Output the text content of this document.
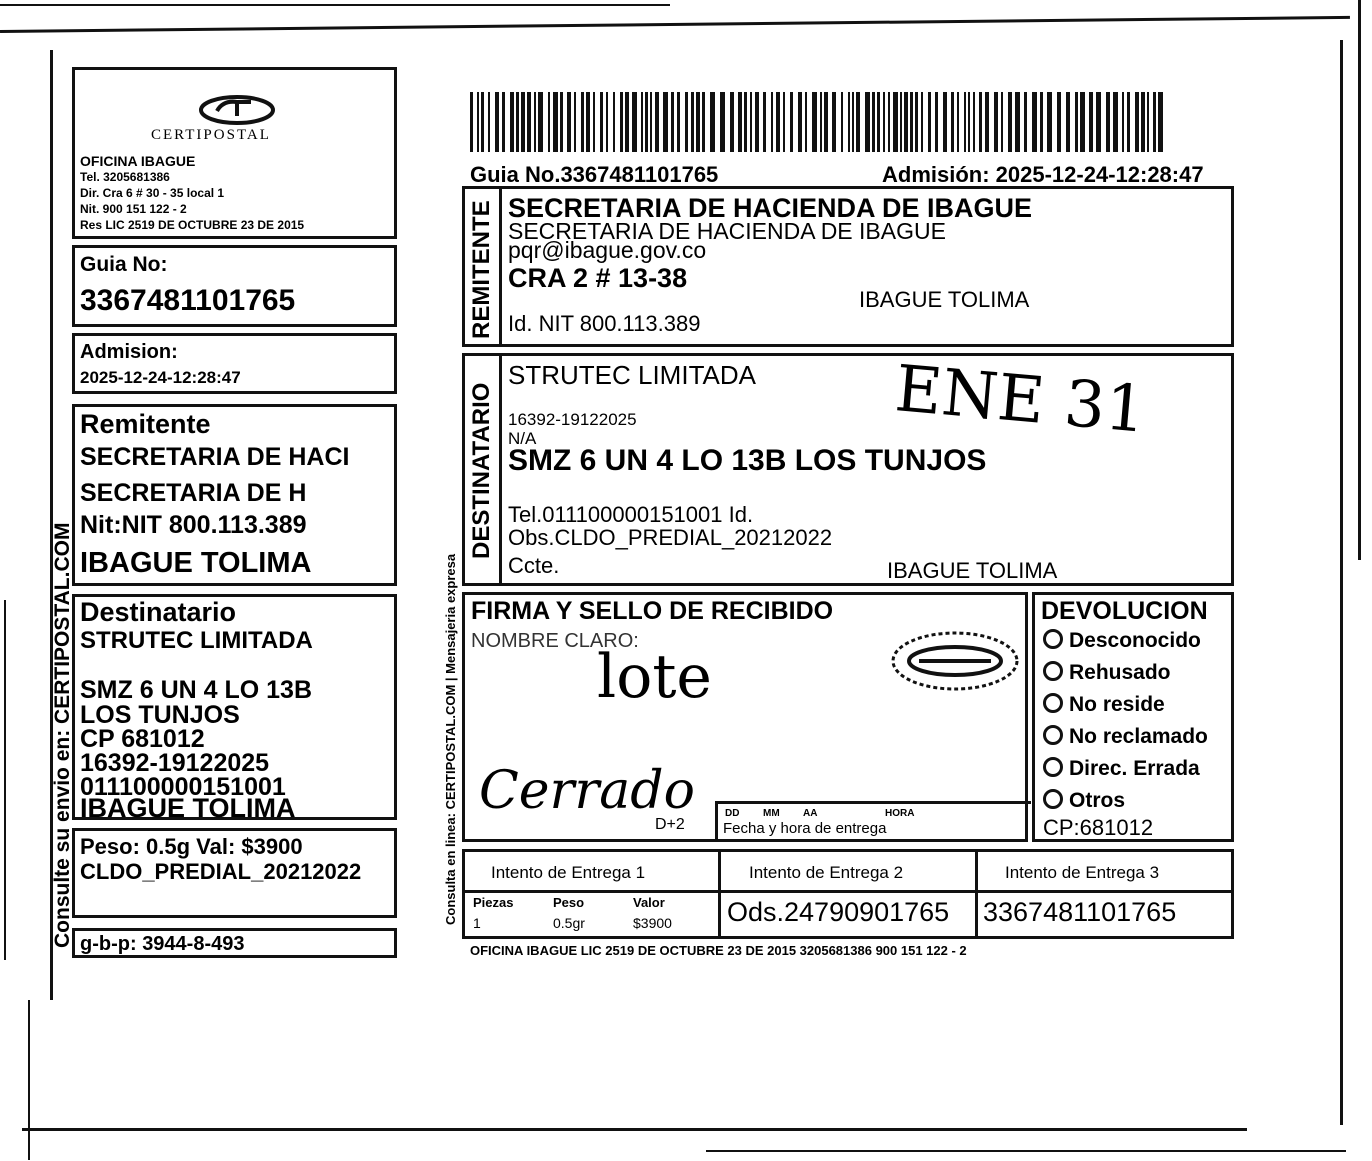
Consulte su envio en: CERTIPOSTAL.COM
CERTIPOSTAL
OFICINA IBAGUE
Tel. 3205681386
Dir. Cra 6 # 30 - 35 local 1
Nit. 900 151 122 - 2
Res LIC 2519 DE OCTUBRE 23 DE 2015
Guia No:
3367481101765
Admision:
2025-12-24-12:28:47
Remitente
SECRETARIA DE HACI
SECRETARIA DE H
Nit:NIT 800.113.389
IBAGUE TOLIMA
Destinatario
STRUTEC LIMITADA
SMZ 6 UN 4 LO 13B
LOS TUNJOS
CP 681012
16392-19122025
011100000151001
IBAGUE TOLIMA
Peso: 0.5g Val: $3900
CLDO_PREDIAL_20212022
g-b-p: 3944-8-493
Consulta en linea: CERTIPOSTAL.COM | Mensajeria expresa
Guia No.3367481101765	Admisión: 2025-12-24-12:28:47
REMITENTE SECRETARIA DE HACIENDA DE IBAGUE
SECRETARIA DE HACIENDA DE IBAGUE
pqr@ibague.gov.co
CRA 2 # 13-38
IBAGUE TOLIMA
Id. NIT 800.113.389
DESTINATARIO
STRUTEC LIMITADA
16392-19122025
N/A
SMZ 6 UN 4 LO 13B LOS TUNJOS
Tel.011100000151001 Id.
Obs.CLDO_PREDIAL_20212022
Ccte.	IBAGUE TOLIMA
ENE 31
FIRMA Y SELLO DE RECIBIDO
NOMBRE CLARO:
lote
Cerrado
D+2
DD MM AA	HORA
Fecha y hora de entrega
DEVOLUCION
Desconocido
Rehusado
No reside
No reclamado
Direc. Errada
Otros
CP:681012
Intento de Entrega 1	Intento de Entrega 2	Intento de Entrega 3
Piezas	Peso	Valor
1	0.5gr	$3900 Ods.24790901765 3367481101765
OFICINA IBAGUE LIC 2519 DE OCTUBRE 23 DE 2015 3205681386 900 151 122 - 2
